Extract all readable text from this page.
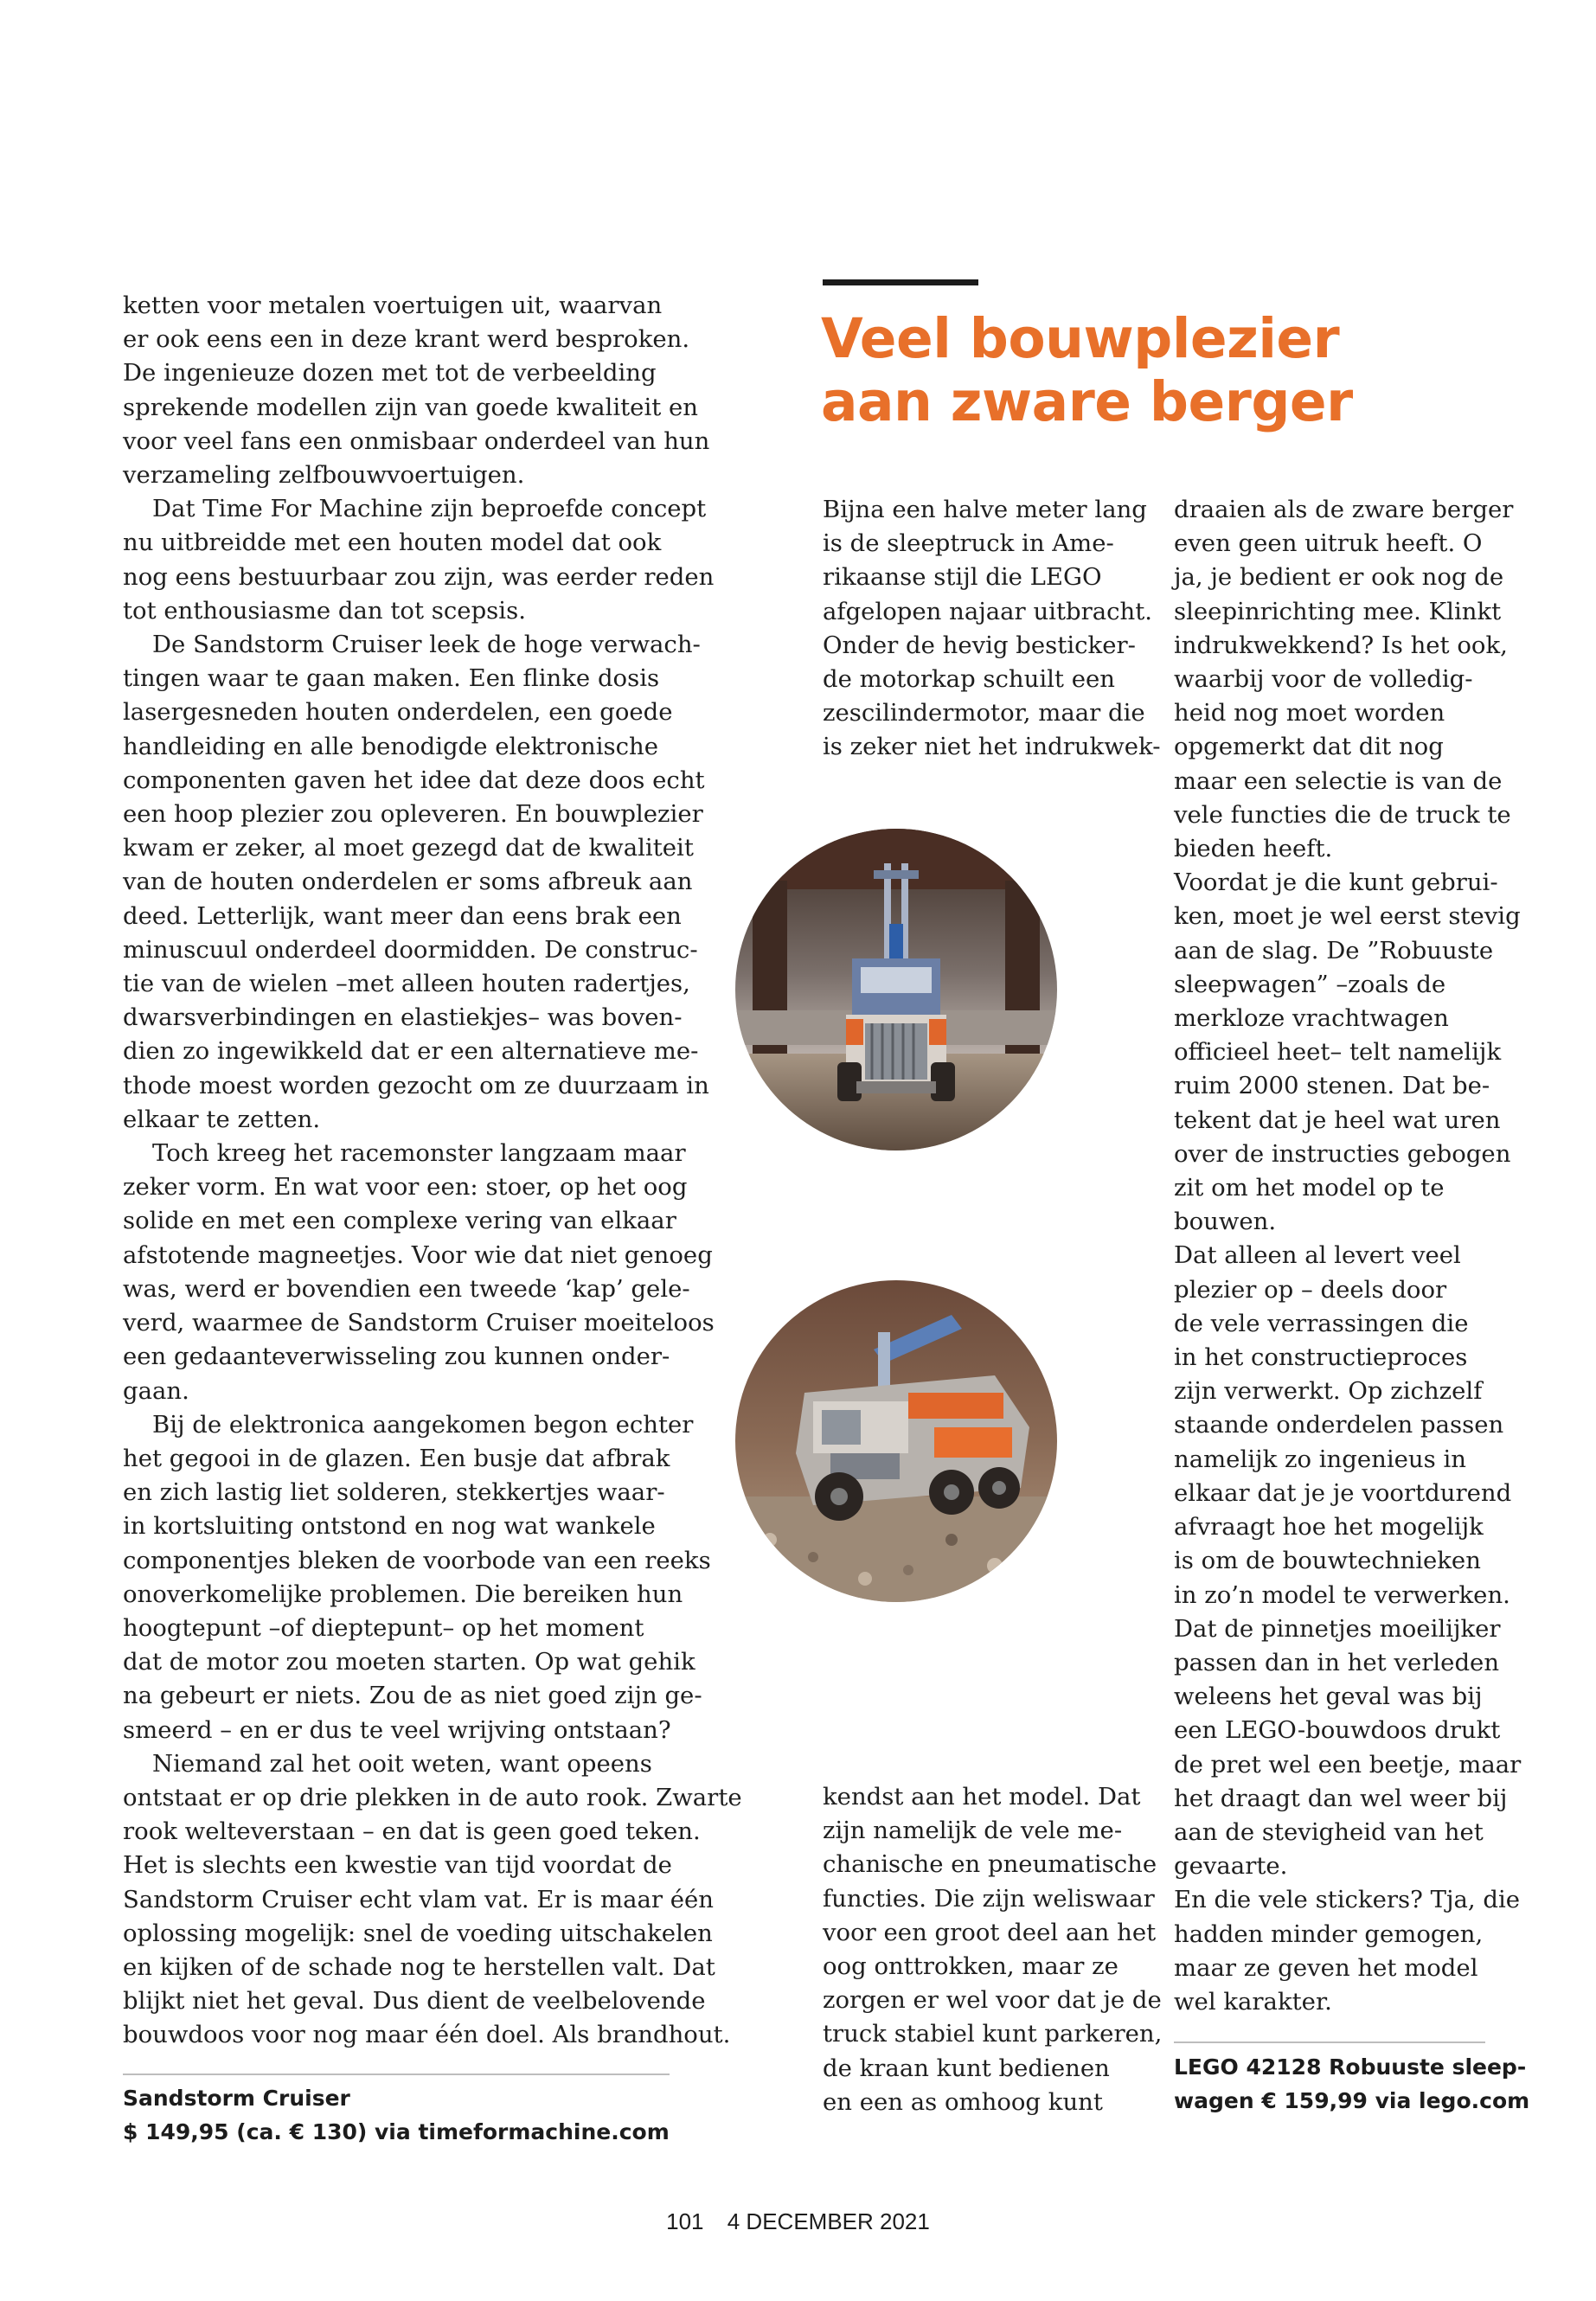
ketten voor metalen voertuigen uit, waarvan

er ook eens een in deze krant werd besproken.

De ingenieuze dozen met tot de verbeelding

sprekende modellen zijn van goede kwaliteit en

voor veel fans een onmisbaar onderdeel van hun

verzameling zelfbouwvoertuigen.

Dat Time For Machine zijn beproefde concept

nu uitbreidde met een houten model dat ook

nog eens bestuurbaar zou zijn, was eerder reden

tot enthousiasme dan tot scepsis.

De Sandstorm Cruiser leek de hoge verwach-

tingen waar te gaan maken. Een flinke dosis

lasergesneden houten onderdelen, een goede

handleiding en alle benodigde elektronische

componenten gaven het idee dat deze doos echt

een hoop plezier zou opleveren. En bouwplezier

kwam er zeker, al moet gezegd dat de kwaliteit

van de houten onderdelen er soms afbreuk aan

deed. Letterlijk, want meer dan eens brak een

minuscuul onderdeel doormidden. De construc-

tie van de wielen –met alleen houten radertjes,

dwarsverbindingen en elastiekjes– was boven-

dien zo ingewikkeld dat er een alternatieve me-

thode moest worden gezocht om ze duurzaam in

elkaar te zetten.

Toch kreeg het racemonster langzaam maar

zeker vorm. En wat voor een: stoer, op het oog

solide en met een complexe vering van elkaar

afstotende magneetjes. Voor wie dat niet genoeg

was, werd er bovendien een tweede ‘kap’ gele-

verd, waarmee de Sandstorm Cruiser moeiteloos

een gedaanteverwisseling zou kunnen onder-

gaan.

Bij de elektronica aangekomen begon echter

het gegooi in de glazen. Een busje dat afbrak

en zich lastig liet solderen, stekkertjes waar-

in kortsluiting ontstond en nog wat wankele

componentjes bleken de voorbode van een reeks

onoverkomelijke problemen. Die bereiken hun

hoogtepunt –of dieptepunt– op het moment

dat de motor zou moeten starten. Op wat gehik

na gebeurt er niets. Zou de as niet goed zijn ge-

smeerd – en er dus te veel wrijving ontstaan?

Niemand zal het ooit weten, want opeens

ontstaat er op drie plekken in de auto rook. Zwarte

rook welteverstaan – en dat is geen goed teken.

Het is slechts een kwestie van tijd voordat de

Sandstorm Cruiser echt vlam vat. Er is maar één

oplossing mogelijk: snel de voeding uitschakelen

en kijken of de schade nog te herstellen valt. Dat

blijkt niet het geval. Dus dient de veelbelovende

bouwdoos voor nog maar één doel. Als brandhout.

Sandstorm Cruiser

$ 149,95 (ca. € 130) via timeformachine.com

Veel bouwplezier
aan zware berger

Bijna een halve meter lang

is de sleeptruck in Ame-

rikaanse stijl die LEGO

afgelopen najaar uitbracht.

Onder de hevig besticker-

de motorkap schuilt een

zescilindermotor, maar die

is zeker niet het indrukwek-

kendst aan het model. Dat

zijn namelijk de vele me-

chanische en pneumatische

functies. Die zijn weliswaar

voor een groot deel aan het

oog onttrokken, maar ze

zorgen er wel voor dat je de

truck stabiel kunt parkeren,

de kraan kunt bedienen

en een as omhoog kunt

draaien als de zware berger

even geen uitruk heeft. O

ja, je bedient er ook nog de

sleepinrichting mee. Klinkt

indrukwekkend? Is het ook,

waarbij voor de volledig-

heid nog moet worden

opgemerkt dat dit nog

maar een selectie is van de

vele functies die de truck te

bieden heeft.

Voordat je die kunt gebrui-

ken, moet je wel eerst stevig

aan de slag. De ”Robuuste

sleepwagen” –zoals de

merkloze vrachtwagen

officieel heet– telt namelijk

ruim 2000 stenen. Dat be-

tekent dat je heel wat uren

over de instructies gebogen

zit om het model op te

bouwen.

Dat alleen al levert veel

plezier op – deels door

de vele verrassingen die

in het constructieproces

zijn verwerkt. Op zichzelf

staande onderdelen passen

namelijk zo ingenieus in

elkaar dat je je voortdurend

afvraagt hoe het mogelijk

is om de bouwtechnieken

in zo’n model te verwerken.

Dat de pinnetjes moeilijker

passen dan in het verleden

weleens het geval was bij

een LEGO-bouwdoos drukt

de pret wel een beetje, maar

het draagt dan wel weer bij

aan de stevigheid van het

gevaarte.

En die vele stickers? Tja, die

hadden minder gemogen,

maar ze geven het model

wel karakter.

LEGO 42128 Robuuste sleep-

wagen € 159,99 via lego.com

101 4 DECEMBER 2021
